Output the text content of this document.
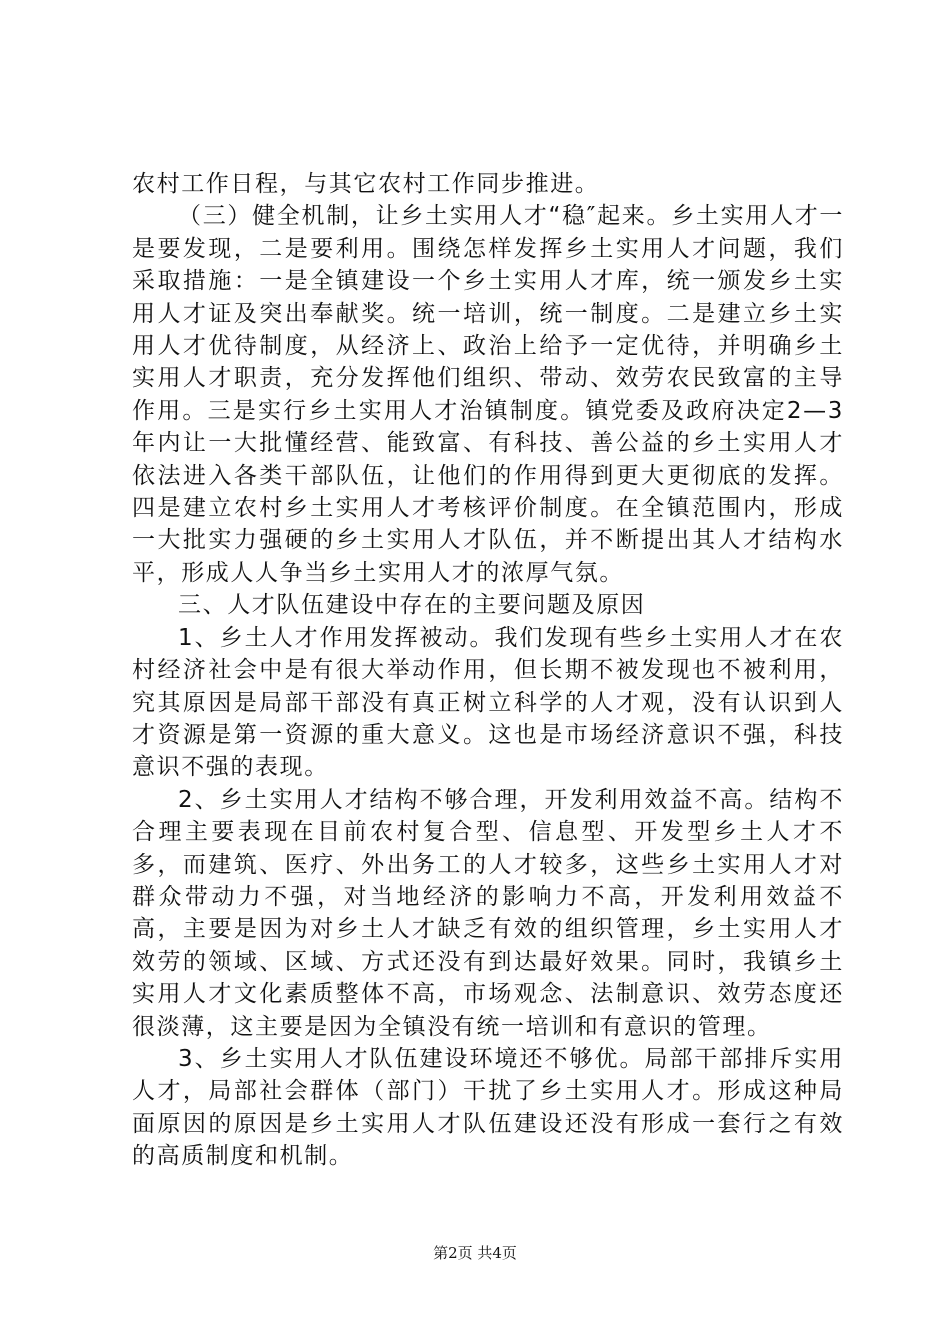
农村工作日程，与其它农村工作同步推进。

（三）健全机制，让乡土实用人才“稳″起来。乡土实用人才一是要发现，二是要利用。围绕怎样发挥乡土实用人才问题，我们采取措施：一是全镇建设一个乡土实用人才库，统一颁发乡土实用人才证及突出奉献奖。统一培训，统一制度。二是建立乡土实用人才优待制度，从经济上、政治上给予一定优待，并明确乡土实用人才职责，充分发挥他们组织、带动、效劳农民致富的主导作用。三是实行乡土实用人才治镇制度。镇党委及政府决定2—3年内让一大批懂经营、能致富、有科技、善公益的乡土实用人才依法进入各类干部队伍，让他们的作用得到更大更彻底的发挥。四是建立农村乡土实用人才考核评价制度。在全镇范围内，形成一大批实力强硬的乡土实用人才队伍，并不断提出其人才结构水平，形成人人争当乡土实用人才的浓厚气氛。

三、人才队伍建设中存在的主要问题及原因

1、乡土人才作用发挥被动。我们发现有些乡土实用人才在农村经济社会中是有很大举动作用，但长期不被发现也不被利用，究其原因是局部干部没有真正树立科学的人才观，没有认识到人才资源是第一资源的重大意义。这也是市场经济意识不强，科技意识不强的表现。

2、乡土实用人才结构不够合理，开发利用效益不高。结构不合理主要表现在目前农村复合型、信息型、开发型乡土人才不多，而建筑、医疗、外出务工的人才较多，这些乡土实用人才对群众带动力不强，对当地经济的影响力不高，开发利用效益不高，主要是因为对乡土人才缺乏有效的组织管理，乡土实用人才效劳的领域、区域、方式还没有到达最好效果。同时，我镇乡土实用人才文化素质整体不高，市场观念、法制意识、效劳态度还很淡薄，这主要是因为全镇没有统一培训和有意识的管理。

3、乡土实用人才队伍建设环境还不够优。局部干部排斥实用人才，局部社会群体（部门）干扰了乡土实用人才。形成这种局面原因的原因是乡土实用人才队伍建设还没有形成一套行之有效的高质制度和机制。

第2页 共4页
